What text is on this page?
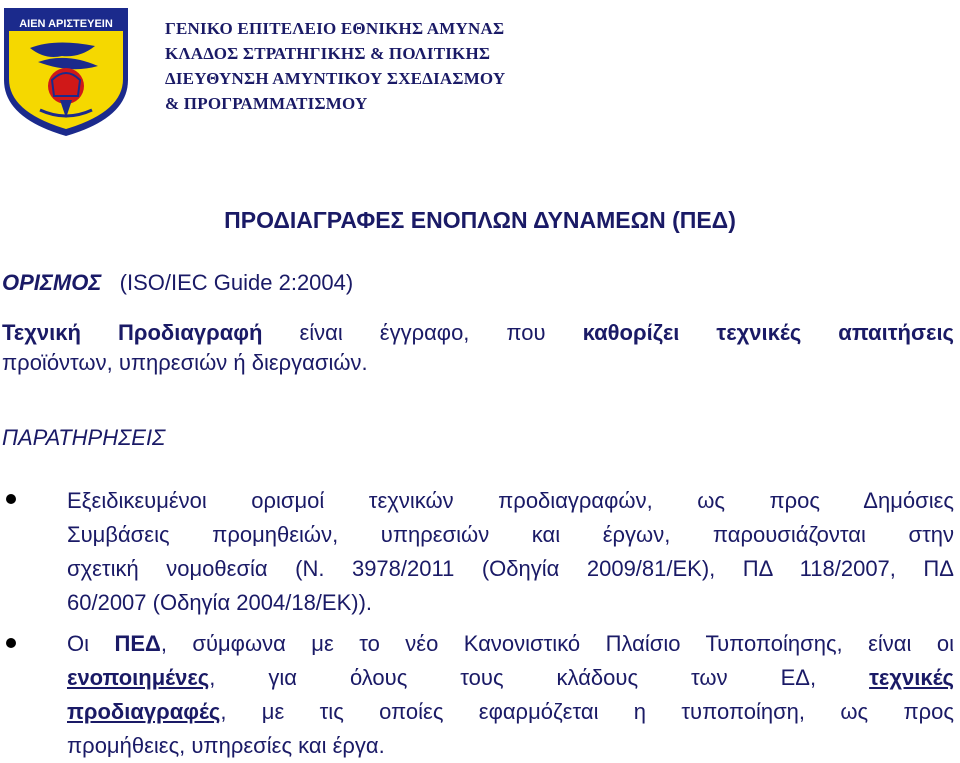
ΑΙΕΝ ΑΡΙΣΤΕΥΕΙΝ	ΓΕΝΙΚΟ ΕΠΙΤΕΛΕΙΟ ΕΘΝΙΚΗΣ ΑΜΥΝΑΣ
ΚΛΑΔΟΣ ΣΤΡΑΤΗΓΙΚΗΣ & ΠΟΛΙΤΙΚΗΣ
ΔΙΕΥΘΥΝΣΗ ΑΜΥΝΤΙΚΟΥ ΣΧΕΔΙΑΣΜΟΥ
& ΠΡΟΓΡΑΜΜΑΤΙΣΜΟΥ
ΠΡΟΔΙΑΓΡΑΦΕΣ ΕΝΟΠΛΩΝ ΔΥΝΑΜΕΩΝ (ΠΕΔ)
ΟΡΙΣΜΟΣ (ISO/IEC Guide 2:2004)
Τεχνική Προδιαγραφή είναι έγγραφο, που καθορίζει τεχνικές απαιτήσεις
προϊόντων, υπηρεσιών ή διεργασιών.
ΠΑΡΑΤΗΡΗΣΕΙΣ
Εξειδικευμένοι ορισμοί τεχνικών προδιαγραφών, ως προς Δημόσιες
Συμβάσεις προμηθειών, υπηρεσιών και έργων, παρουσιάζονται στην
σχετική νομοθεσία (Ν. 3978/2011 (Οδηγία 2009/81/ΕΚ), ΠΔ 118/2007, ΠΔ
60/2007 (Οδηγία 2004/18/ΕΚ)).
Οι ΠΕΔ, σύμφωνα με το νέο Κανονιστικό Πλαίσιο Τυποποίησης, είναι οι
ενοποιημένες, για όλους τους κλάδους των ΕΔ, τεχνικές
προδιαγραφές, με τις οποίες εφαρμόζεται η τυποποίηση, ως προς
προμήθειες, υπηρεσίες και έργα.
